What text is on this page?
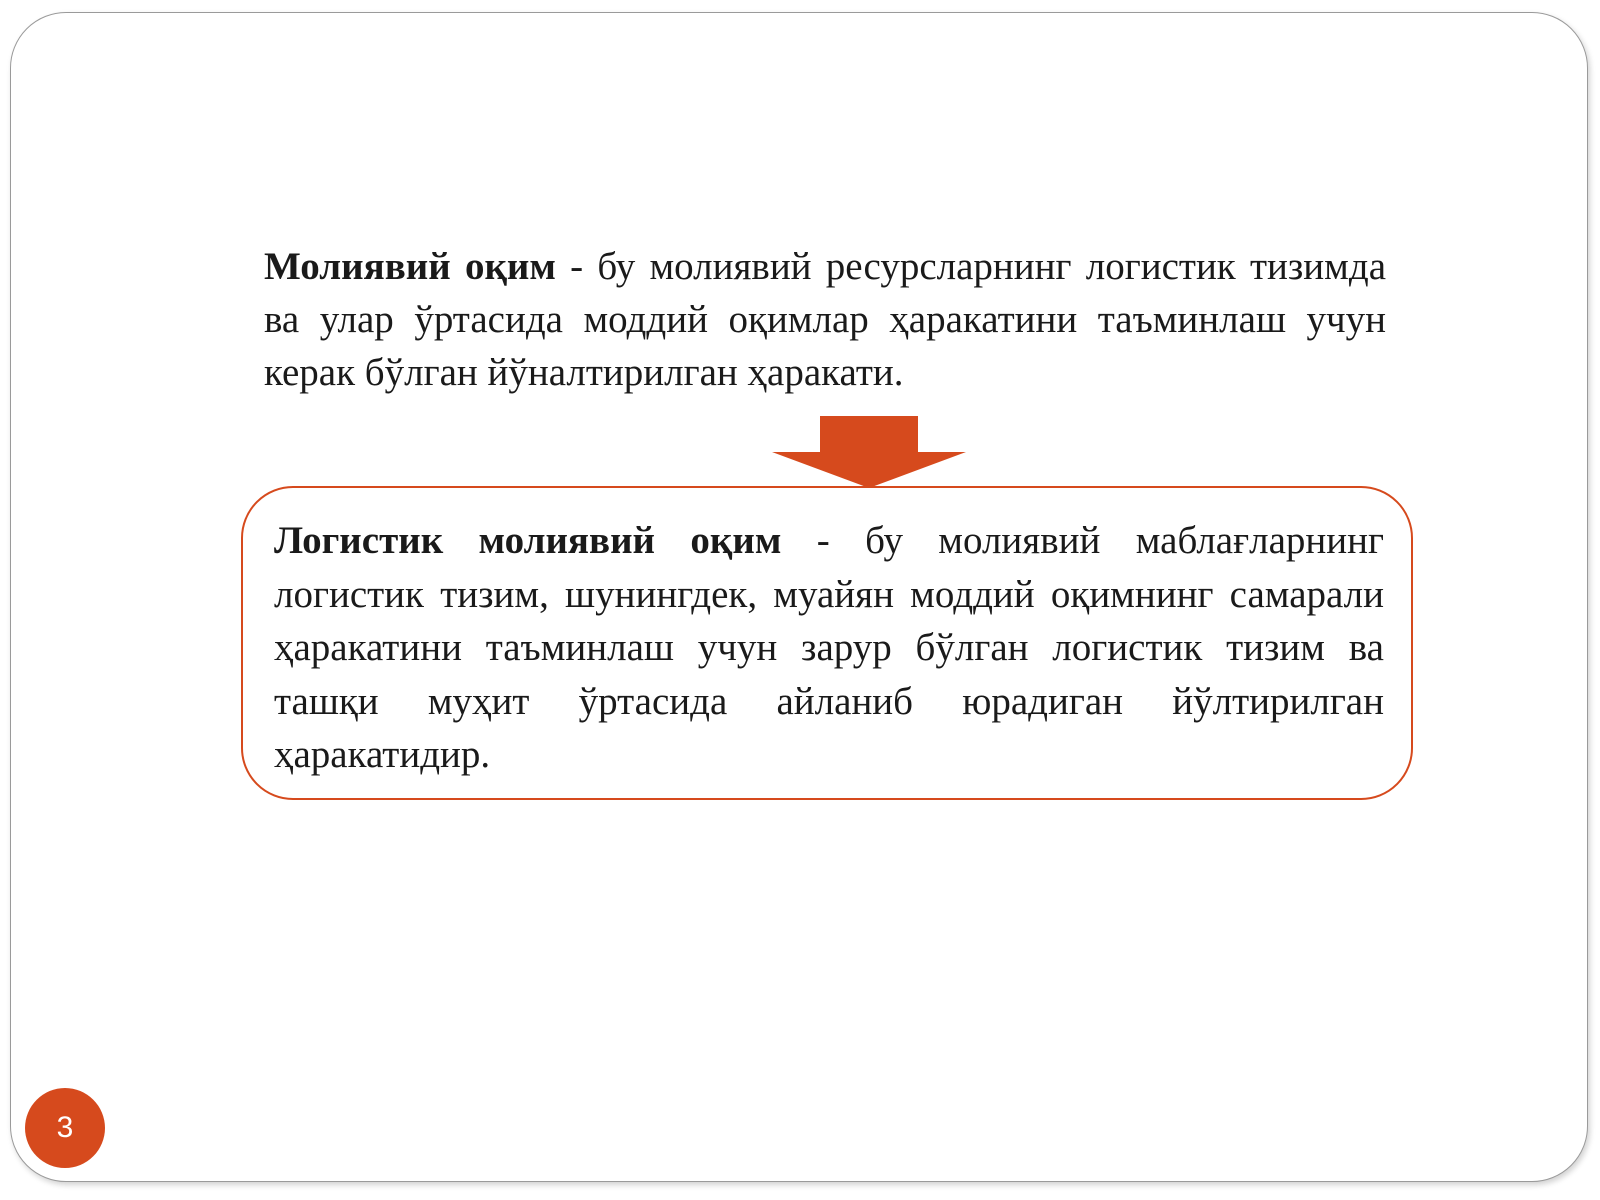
Молиявий оқим - бу молиявий ресурсларнинг логистик тизимда ва улар ўртасида моддий оқимлар ҳаракатини таъминлаш учун керак бўлган йўналтирилган ҳаракати.

Логистик молиявий оқим - бу молиявий маблағларнинг логистик тизим, шунингдек, муайян моддий оқимнинг самарали ҳаракатини таъминлаш учун зарур бўлган логистик тизим ва ташқи муҳит ўртасида айланиб юрадиган йўлтирилган ҳаракатидир.

3
